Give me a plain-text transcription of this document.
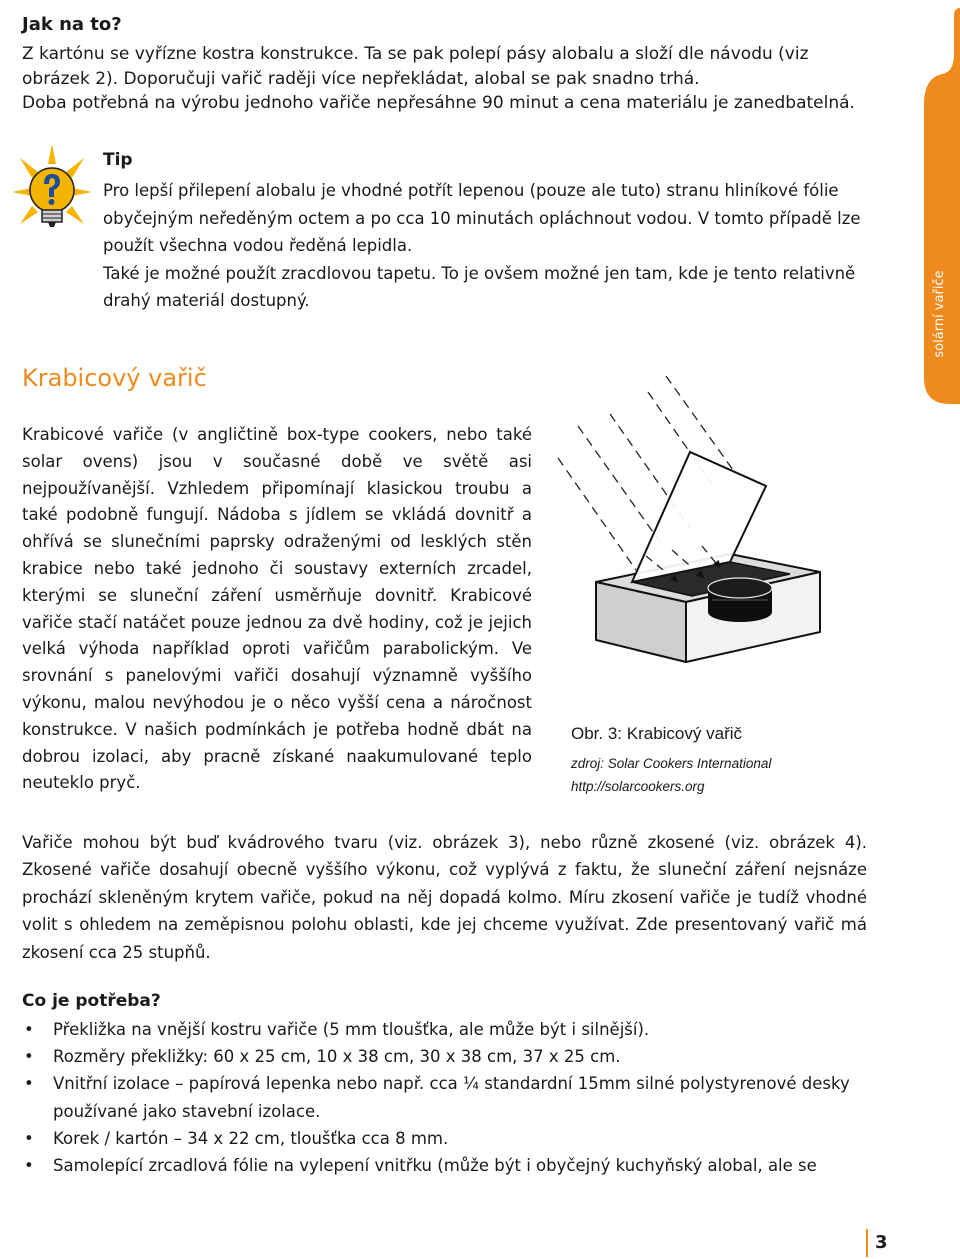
Jak na to?

Z kartónu se vyřízne kostra konstrukce. Ta se pak polepí pásy alobalu a složí dle návodu (viz obrázek 2). Doporučuji vařič raději více nepřekládat, alobal se pak snadno trhá.

Doba potřebná na výrobu jednoho vařiče nepřesáhne 90 minut a cena materiálu je zanedbatelná.

Tip

Pro lepší přilepení alobalu je vhodné potřít lepenou (pouze ale tuto) stranu hliníkové fólie obyčejným neředěným octem a po cca 10 minutách opláchnout vodou. V tomto případě lze použít všechna vodou ředěná lepidla.

Také je možné použít zracdlovou tapetu. To je ovšem možné jen tam, kde je tento relativně drahý materiál dostupný.

Krabicový vařič
Krabicové vařiče (v angličtině box-type cookers, nebo také solar ovens) jsou v současné době ve světě asi nejpoužívanější. Vzhledem připomínají klasickou troubu a také podobně fungují. Nádoba s jídlem se vkládá dovnitř a ohřívá se slunečními paprsky odraženými od lesklých stěn krabice nebo také jednoho či soustavy externích zrcadel, kterými se sluneční záření usměrňuje dovnitř. Krabicové vařiče stačí natáčet pouze jednou za dvě hodiny, což je jejich velká výhoda například oproti vařičům parabolickým. Ve srovnání s panelovými vařiči dosahují významně vyššího výkonu, malou nevýhodou je o něco vyšší cena a náročnost konstrukce. V našich podmínkách je potřeba hodně dbát na dobrou izolaci, aby pracně získané naakumulované teplo neuteklo pryč.
Obr. 3: Krabicový vařič
zdroj: Solar Cookers International
http://solarcookers.org
Vařiče mohou být buď kvádrového tvaru (viz. obrázek 3), nebo různě zkosené (viz. obrázek 4). Zkosené vařiče dosahují obecně vyššího výkonu, což vyplývá z faktu, že sluneční záření nejsnáze prochází skleněným krytem vařiče, pokud na něj dopadá kolmo. Míru zkosení vařiče je tudíž vhodné volit s ohledem na zeměpisnou polohu oblasti, kde jej chceme využívat. Zde presentovaný vařič má zkosení cca 25 stupňů.
Co je potřeba?
• Překližka na vnější kostru vařiče (5 mm tloušťka, ale může být i silnější).
• Rozměry překližky: 60 x 25 cm, 10 x 38 cm, 30 x 38 cm, 37 x 25 cm.
• Vnitřní izolace – papírová lepenka nebo např. cca ¼ standardní 15mm silné polystyrenové desky používané jako stavební izolace.
• Korek / kartón – 34 x 22 cm, tloušťka cca 8 mm.
• Samolepící zrcadlová fólie na vylepení vnitřku (může být i obyčejný kuchyňský alobal, ale se
solární vařiče
3
